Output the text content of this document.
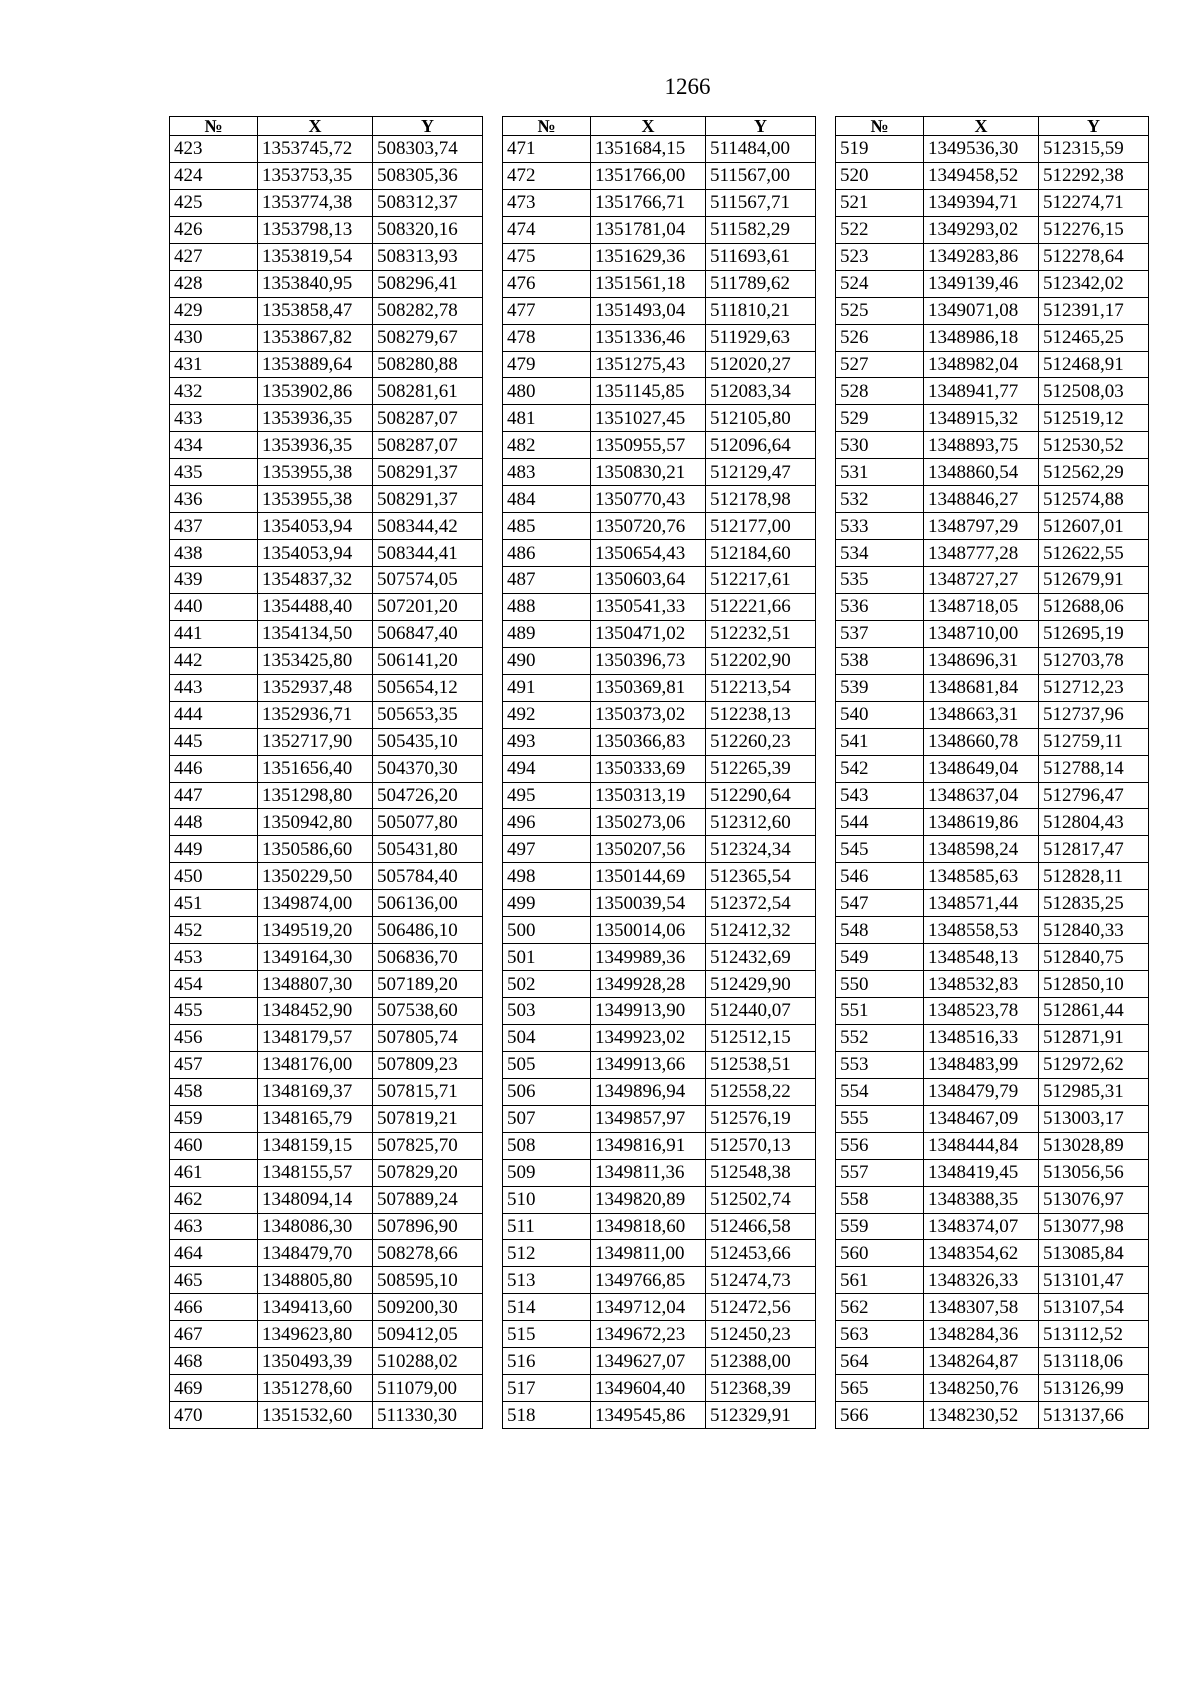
1266
№	X	Y
423	1353745,72	508303,74
424	1353753,35	508305,36
425	1353774,38	508312,37
426	1353798,13	508320,16
427	1353819,54	508313,93
428	1353840,95	508296,41
429	1353858,47	508282,78
430	1353867,82	508279,67
431	1353889,64	508280,88
432	1353902,86	508281,61
433	1353936,35	508287,07
434	1353936,35	508287,07
435	1353955,38	508291,37
436	1353955,38	508291,37
437	1354053,94	508344,42
438	1354053,94	508344,41
439	1354837,32	507574,05
440	1354488,40	507201,20
441	1354134,50	506847,40
442	1353425,80	506141,20
443	1352937,48	505654,12
444	1352936,71	505653,35
445	1352717,90	505435,10
446	1351656,40	504370,30
447	1351298,80	504726,20
448	1350942,80	505077,80
449	1350586,60	505431,80
450	1350229,50	505784,40
451	1349874,00	506136,00
452	1349519,20	506486,10
453	1349164,30	506836,70
454	1348807,30	507189,20
455	1348452,90	507538,60
456	1348179,57	507805,74
457	1348176,00	507809,23
458	1348169,37	507815,71
459	1348165,79	507819,21
460	1348159,15	507825,70
461	1348155,57	507829,20
462	1348094,14	507889,24
463	1348086,30	507896,90
464	1348479,70	508278,66
465	1348805,80	508595,10
466	1349413,60	509200,30
467	1349623,80	509412,05
468	1350493,39	510288,02
469	1351278,60	511079,00
470	1351532,60	511330,30
№	X	Y
471	1351684,15	511484,00
472	1351766,00	511567,00
473	1351766,71	511567,71
474	1351781,04	511582,29
475	1351629,36	511693,61
476	1351561,18	511789,62
477	1351493,04	511810,21
478	1351336,46	511929,63
479	1351275,43	512020,27
480	1351145,85	512083,34
481	1351027,45	512105,80
482	1350955,57	512096,64
483	1350830,21	512129,47
484	1350770,43	512178,98
485	1350720,76	512177,00
486	1350654,43	512184,60
487	1350603,64	512217,61
488	1350541,33	512221,66
489	1350471,02	512232,51
490	1350396,73	512202,90
491	1350369,81	512213,54
492	1350373,02	512238,13
493	1350366,83	512260,23
494	1350333,69	512265,39
495	1350313,19	512290,64
496	1350273,06	512312,60
497	1350207,56	512324,34
498	1350144,69	512365,54
499	1350039,54	512372,54
500	1350014,06	512412,32
501	1349989,36	512432,69
502	1349928,28	512429,90
503	1349913,90	512440,07
504	1349923,02	512512,15
505	1349913,66	512538,51
506	1349896,94	512558,22
507	1349857,97	512576,19
508	1349816,91	512570,13
509	1349811,36	512548,38
510	1349820,89	512502,74
511	1349818,60	512466,58
512	1349811,00	512453,66
513	1349766,85	512474,73
514	1349712,04	512472,56
515	1349672,23	512450,23
516	1349627,07	512388,00
517	1349604,40	512368,39
518	1349545,86	512329,91
№	X	Y
519	1349536,30	512315,59
520	1349458,52	512292,38
521	1349394,71	512274,71
522	1349293,02	512276,15
523	1349283,86	512278,64
524	1349139,46	512342,02
525	1349071,08	512391,17
526	1348986,18	512465,25
527	1348982,04	512468,91
528	1348941,77	512508,03
529	1348915,32	512519,12
530	1348893,75	512530,52
531	1348860,54	512562,29
532	1348846,27	512574,88
533	1348797,29	512607,01
534	1348777,28	512622,55
535	1348727,27	512679,91
536	1348718,05	512688,06
537	1348710,00	512695,19
538	1348696,31	512703,78
539	1348681,84	512712,23
540	1348663,31	512737,96
541	1348660,78	512759,11
542	1348649,04	512788,14
543	1348637,04	512796,47
544	1348619,86	512804,43
545	1348598,24	512817,47
546	1348585,63	512828,11
547	1348571,44	512835,25
548	1348558,53	512840,33
549	1348548,13	512840,75
550	1348532,83	512850,10
551	1348523,78	512861,44
552	1348516,33	512871,91
553	1348483,99	512972,62
554	1348479,79	512985,31
555	1348467,09	513003,17
556	1348444,84	513028,89
557	1348419,45	513056,56
558	1348388,35	513076,97
559	1348374,07	513077,98
560	1348354,62	513085,84
561	1348326,33	513101,47
562	1348307,58	513107,54
563	1348284,36	513112,52
564	1348264,87	513118,06
565	1348250,76	513126,99
566	1348230,52	513137,66
